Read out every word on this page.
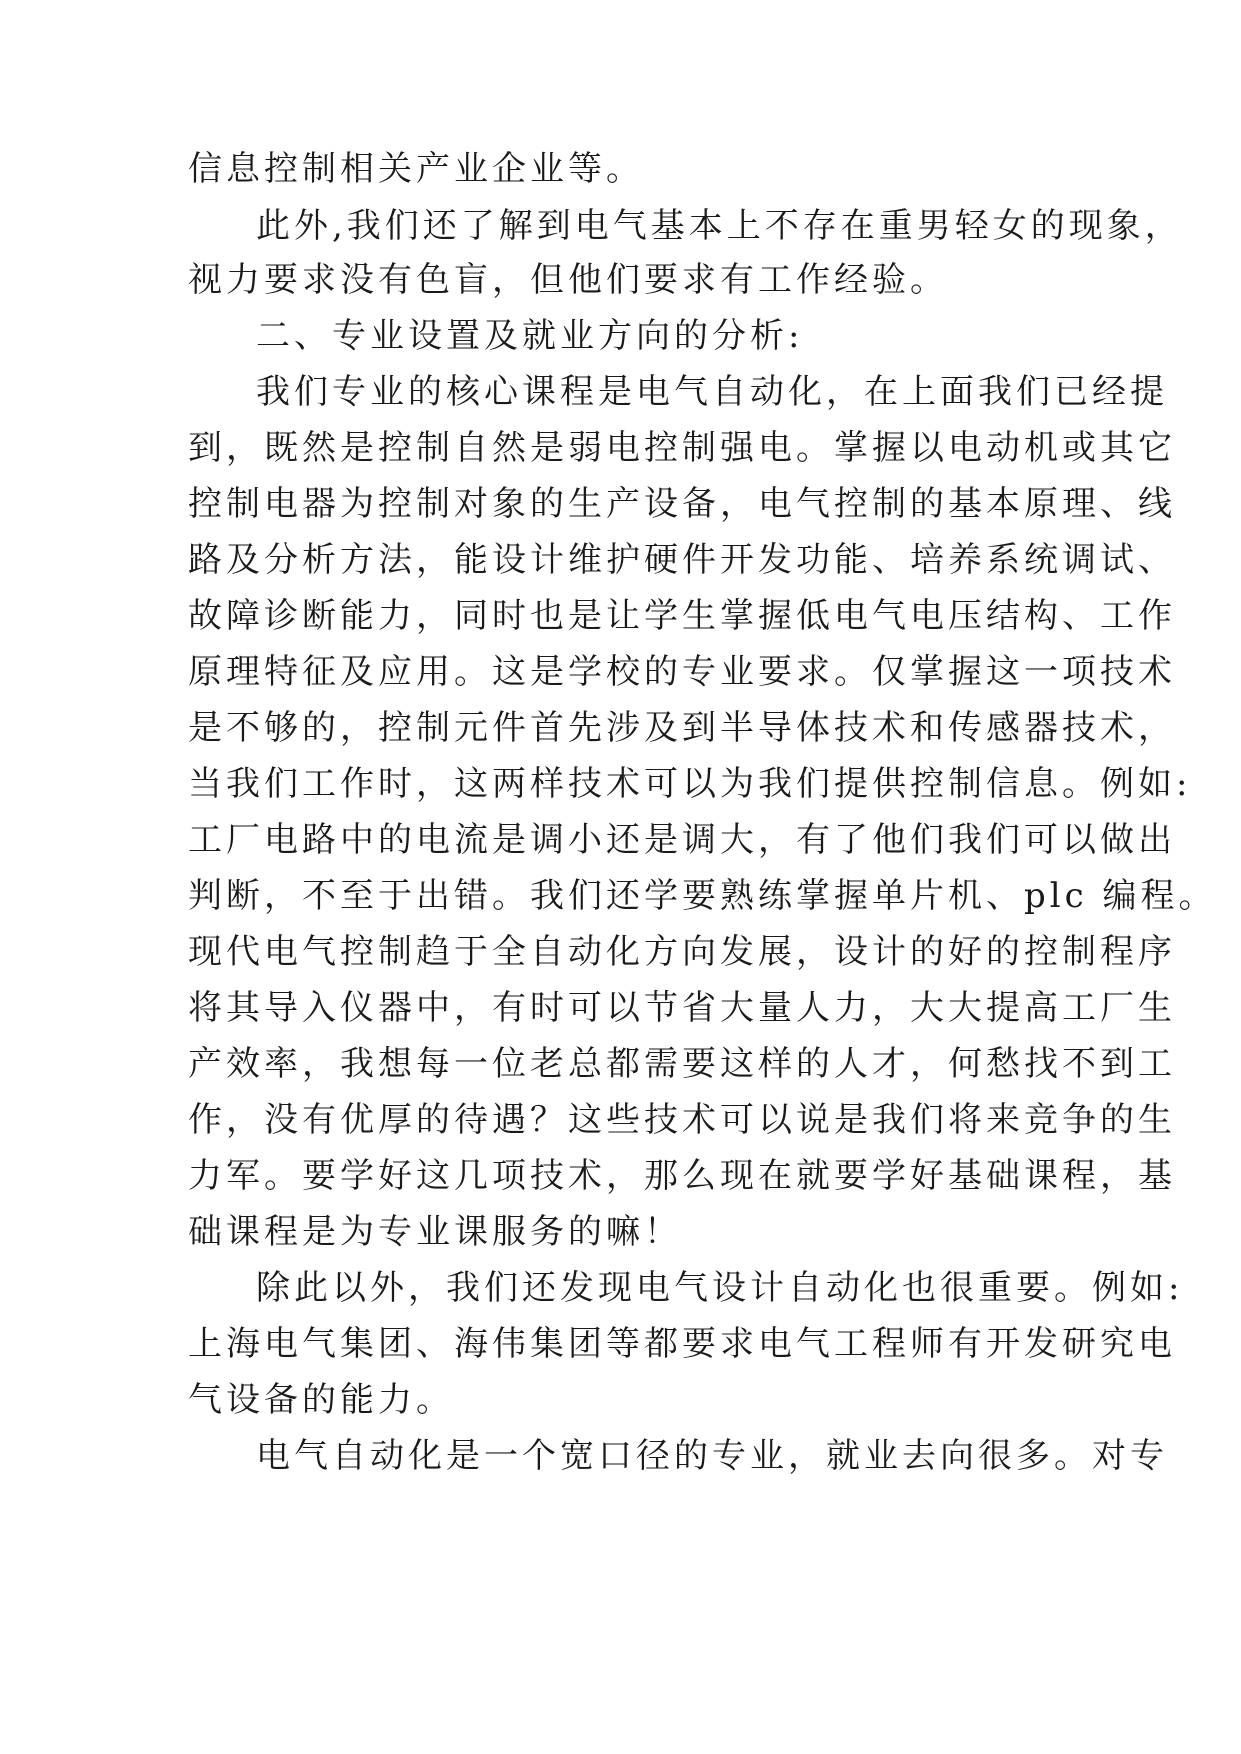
信息控制相关产业企业等。
此外,我们还了解到电气基本上不存在重男轻女的现象，
视力要求没有色盲，但他们要求有工作经验。
二、专业设置及就业方向的分析:
我们专业的核心课程是电气自动化，在上面我们已经提
到，既然是控制自然是弱电控制强电。掌握以电动机或其它
控制电器为控制对象的生产设备，电气控制的基本原理、线
路及分析方法，能设计维护硬件开发功能、培养系统调试、
故障诊断能力，同时也是让学生掌握低电气电压结构、工作
原理特征及应用。这是学校的专业要求。仅掌握这一项技术
是不够的，控制元件首先涉及到半导体技术和传感器技术，
当我们工作时，这两样技术可以为我们提供控制信息。例如:
工厂电路中的电流是调小还是调大，有了他们我们可以做出
判断，不至于出错。我们还学要熟练掌握单片机、plc 编程。
现代电气控制趋于全自动化方向发展，设计的好的控制程序
将其导入仪器中，有时可以节省大量人力，大大提高工厂生
产效率，我想每一位老总都需要这样的人才，何愁找不到工
作，没有优厚的待遇？这些技术可以说是我们将来竞争的生
力军。要学好这几项技术，那么现在就要学好基础课程，基
础课程是为专业课服务的嘛！
除此以外，我们还发现电气设计自动化也很重要。例如:
上海电气集团、海伟集团等都要求电气工程师有开发研究电
气设备的能力。
电气自动化是一个宽口径的专业，就业去向很多。对专
